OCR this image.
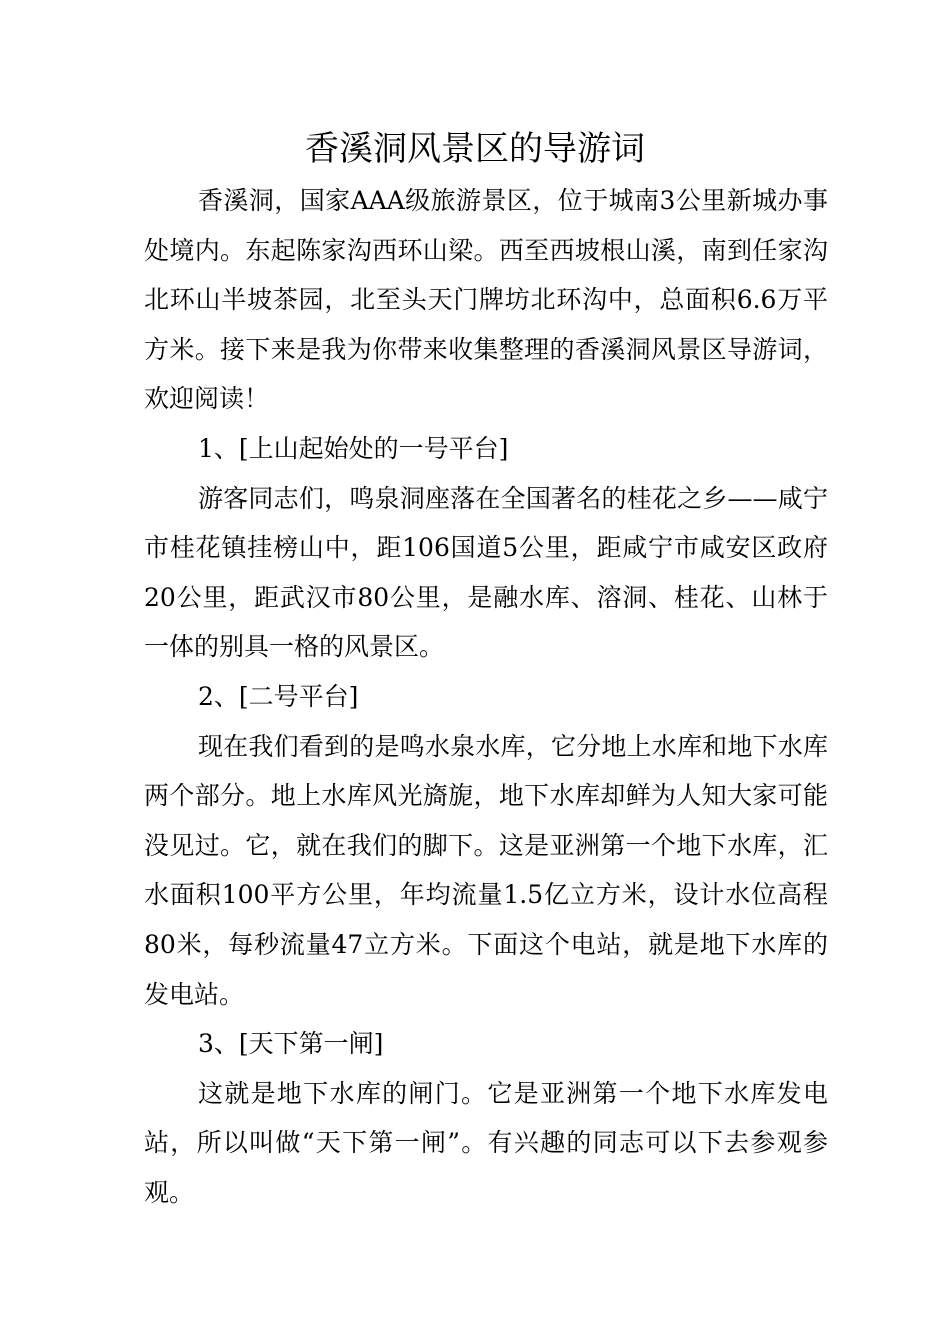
香溪洞风景区的导游词

香溪洞，国家AAA级旅游景区，位于城南3公里新城办事处境内。东起陈家沟西环山梁。西至西坡根山溪，南到任家沟北环山半坡茶园，北至头天门牌坊北环沟中，总面积6.6万平方米。接下来是我为你带来收集整理的香溪洞风景区导游词，欢迎阅读！

1、[上山起始处的一号平台]

游客同志们，鸣泉洞座落在全国著名的桂花之乡——咸宁市桂花镇挂榜山中，距106国道5公里，距咸宁市咸安区政府20公里，距武汉市80公里，是融水库、溶洞、桂花、山林于一体的别具一格的风景区。

2、[二号平台]

现在我们看到的是鸣水泉水库，它分地上水库和地下水库两个部分。地上水库风光旖旎，地下水库却鲜为人知大家可能没见过。它，就在我们的脚下。这是亚洲第一个地下水库，汇水面积100平方公里，年均流量1.5亿立方米，设计水位高程80米，每秒流量47立方米。下面这个电站，就是地下水库的发电站。

3、[天下第一闸]

这就是地下水库的闸门。它是亚洲第一个地下水库发电站，所以叫做“天下第一闸”。有兴趣的同志可以下去参观参观。
